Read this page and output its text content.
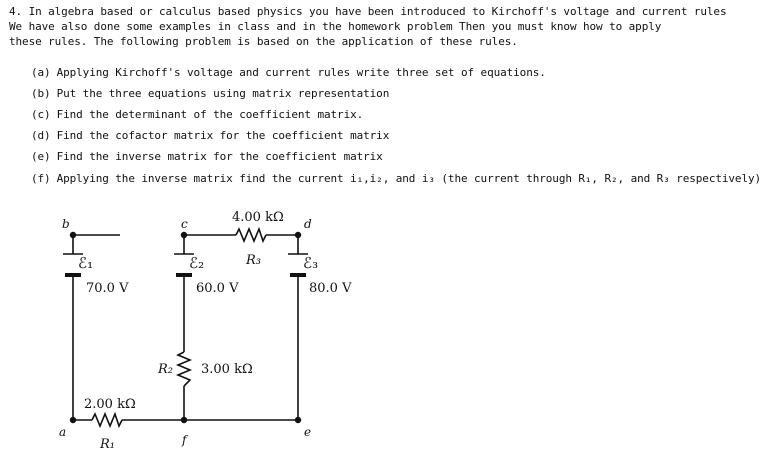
4. In algebra based or calculus based physics you have been introduced to Kirchoff's voltage and current rules
We have also done some examples in class and in the homework problem Then you must know how to apply
these rules. The following problem is based on the application of these rules.
(a) Applying Kirchoff's voltage and current rules write three set of equations.
(b) Put the three equations using matrix representation
(c) Find the determinant of the coefficient matrix.
(d) Find the cofactor matrix for the coefficient matrix
(e) Find the inverse matrix for the coefficient matrix
(f) Applying the inverse matrix find the current i₁,i₂, and i₃ (the current through R₁, R₂, and R₃ respectively)
b	c	d
a
f
e
ℰ₁	ℰ₂	ℰ₃
70.0 V	60.0 V	80.0 V
4.00 kΩ
R₃
R₂ 3.00 kΩ
2.00 kΩ
R₁
